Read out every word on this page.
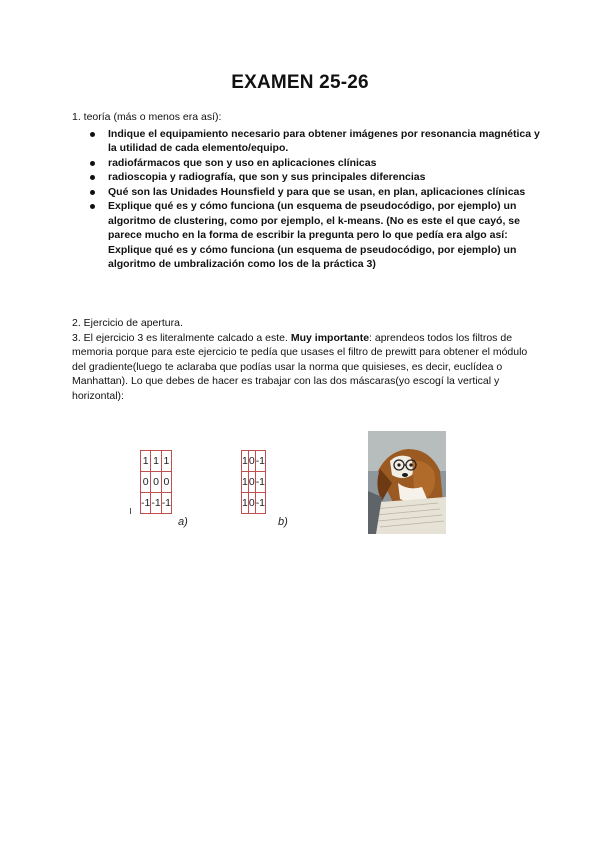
EXAMEN 25-26

1. teoría (más o menos era así):

Indique el equipamiento necesario para obtener imágenes por resonancia magnética y la utilidad de cada elemento/equipo.
radiofármacos que son y uso en aplicaciones clínicas
radioscopia y radiografía, que son y sus principales diferencias
Qué son las Unidades Hounsfield y para que se usan, en plan, aplicaciones clínicas
Explique qué es y cómo funciona (un esquema de pseudocódigo, por ejemplo) un algoritmo de clustering, como por ejemplo, el k-means. (No es este el que cayó, se parece mucho en la forma de escribir la pregunta pero lo que pedía era algo así: Explique qué es y cómo funciona (un esquema de pseudocódigo, por ejemplo) un algoritmo de umbralización como los de la práctica 3)

2. Ejercicio de apertura.

3. El ejercicio 3 es literalmente calcado a este. Muy importante: aprendeos todos los filtros de memoria porque para este ejercicio te pedía que usases el filtro de prewitt para obtener el módulo del gradiente(luego te aclaraba que podías usar la norma que quisieses, es decir, euclídea o Manhattan). Lo que debes de hacer es trabajar con las dos máscaras(yo escogí la vertical y horizontal):

1	1	1
0	0	0
-1	-1	-1
a)
1	0	-1
1	0	-1
1	0	-1
b)
